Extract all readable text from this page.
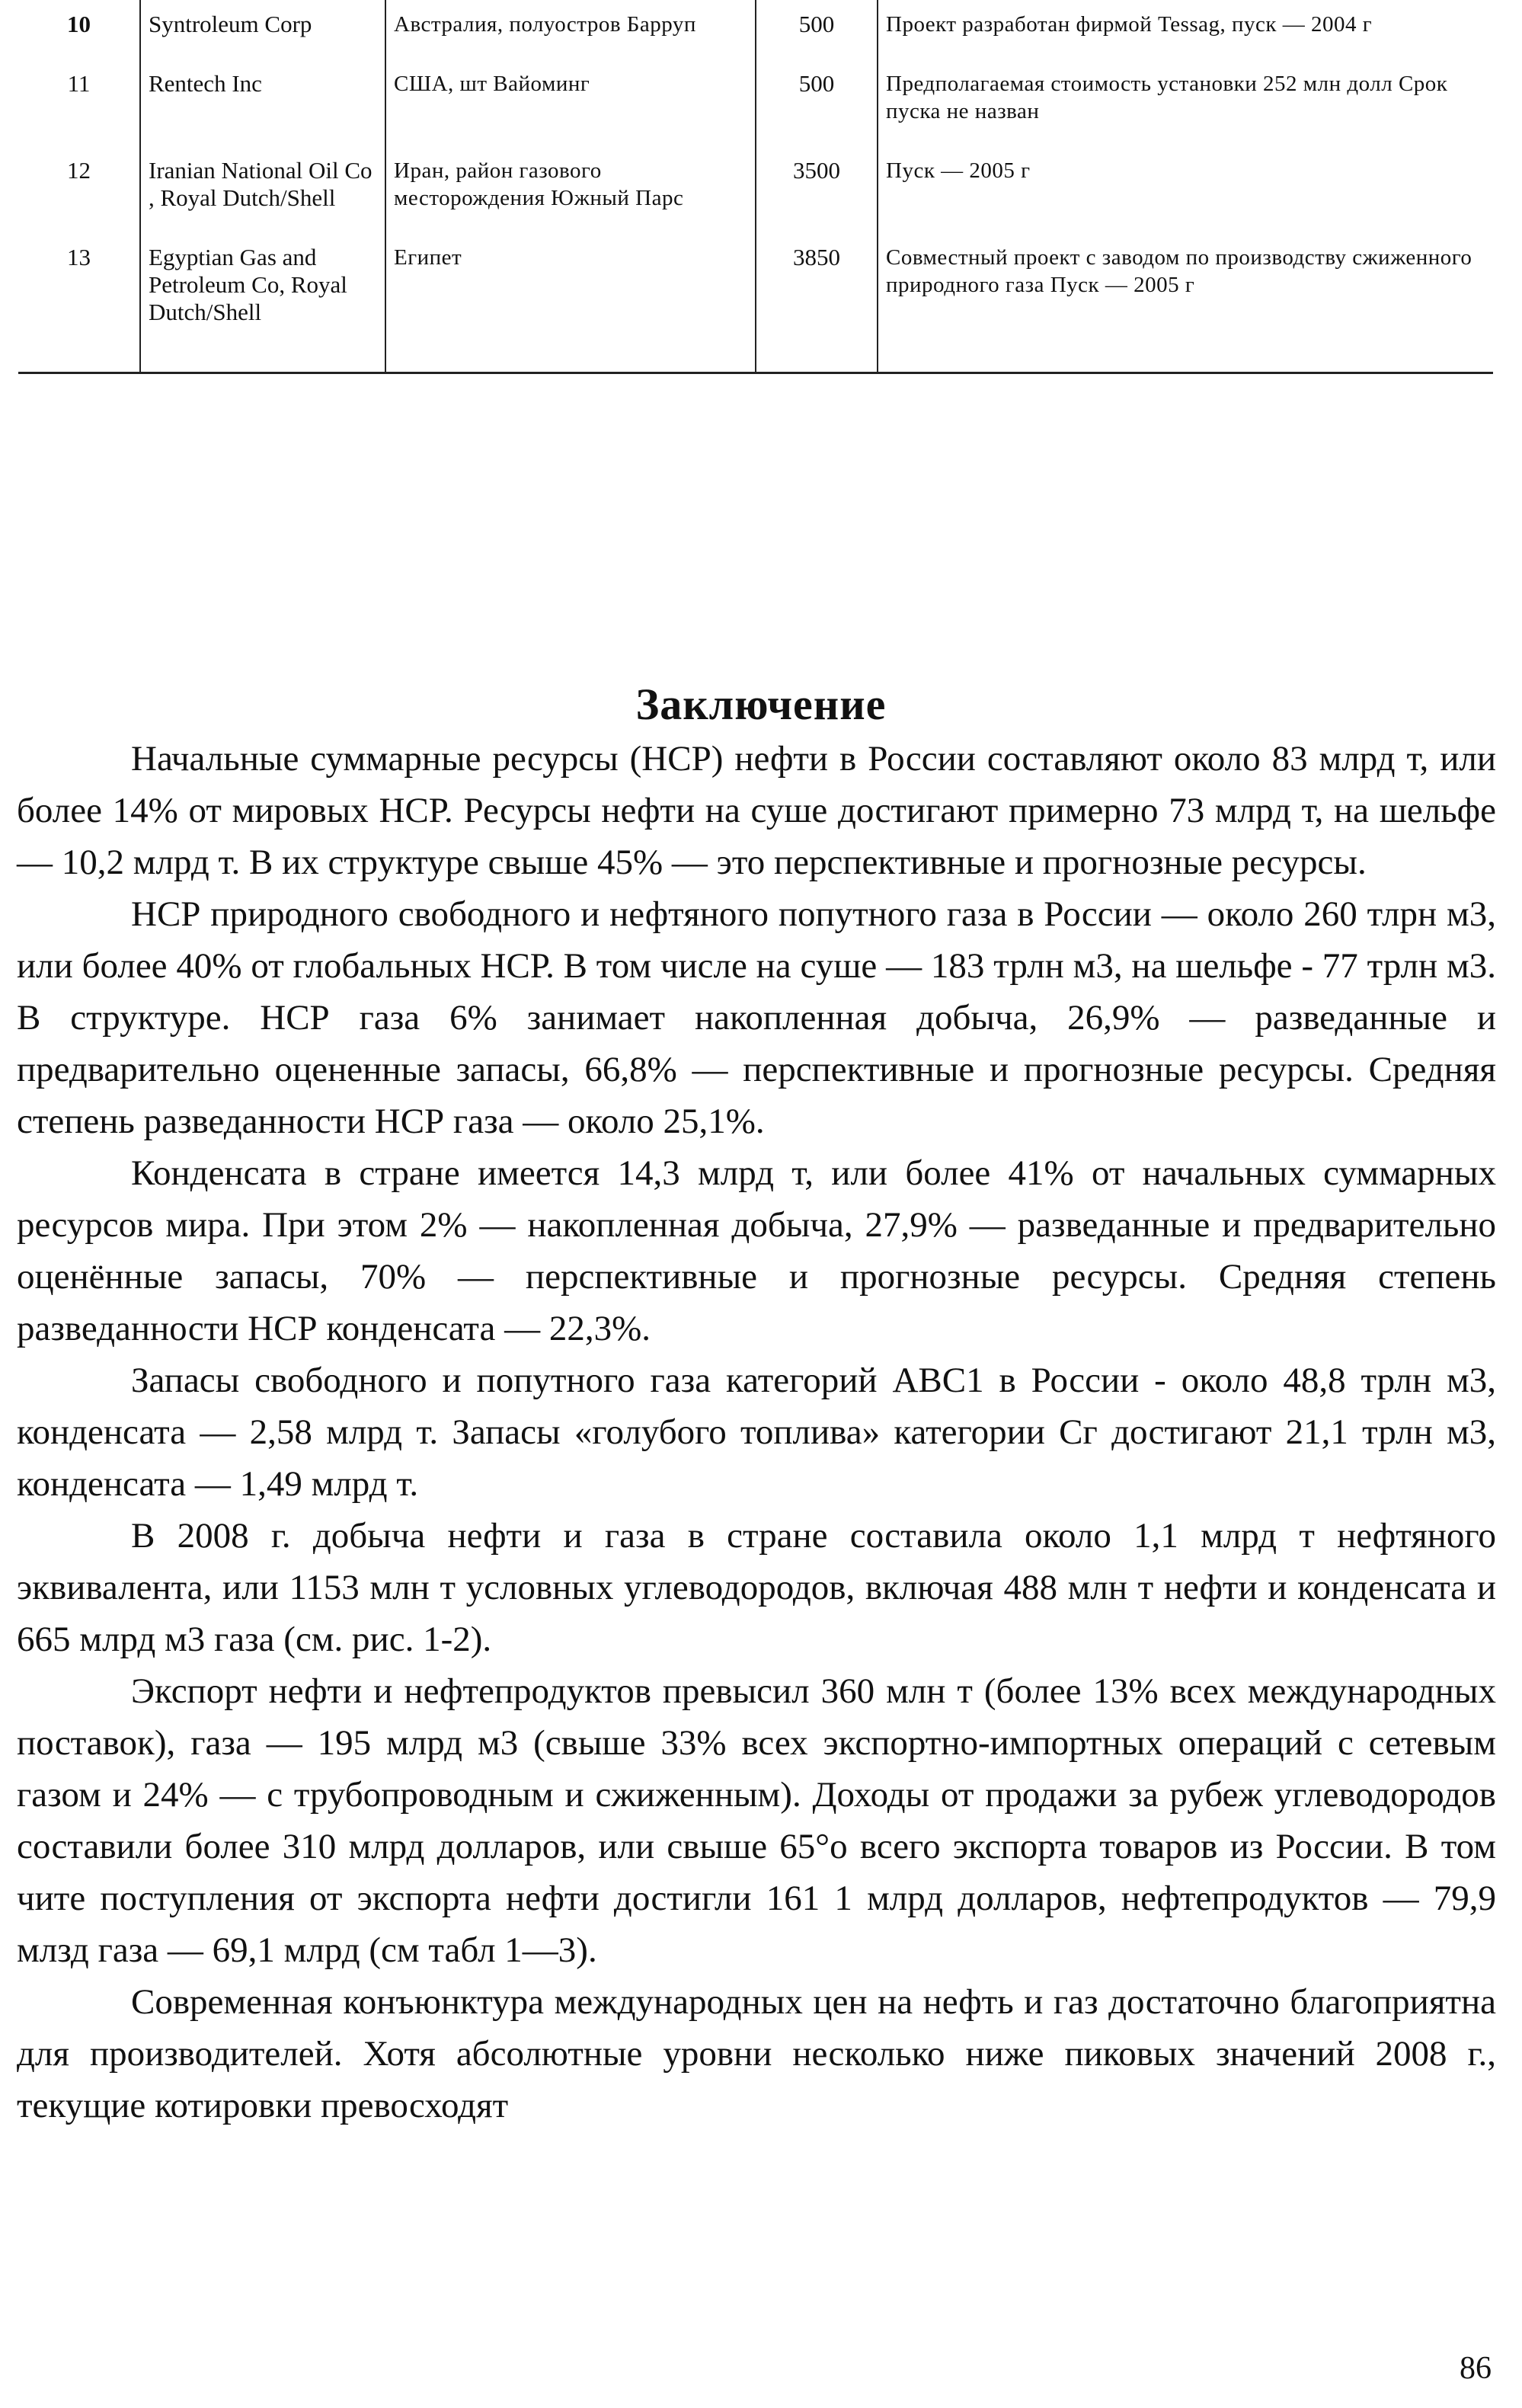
10	Syntroleum Corp	Австралия, полуостров Барруп	500	Проект разработан фирмой Tessag, пуск — 2004 г
11	Rentech Inc	США, шт Вайоминг	500	Предполагаемая стоимость установки 252 млн долл Срок пуска не назван
12	Iranian National Oil Co , Royal Dutch/Shell	Иран, район газового месторождения Южный Парс	3500	Пуск — 2005 г
13	Egyptian Gas and Petroleum Co, Royal Dutch/Shell	Египет	3850	Совместный проект с заводом по производству сжиженного природного газа Пуск — 2005 г
Заключение

Начальные суммарные ресурсы (НСР) нефти в России составляют около 83 млрд т, или более 14% от мировых НСР. Ресурсы нефти на суше достигают примерно 73 млрд т, на шельфе — 10,2 млрд т. В их структуре свыше 45% — это перспективные и прогнозные ресурсы.

НСР природного свободного и нефтяного попутного газа в России — около 260 тлрн м3, или более 40% от глобальных НСР. В том числе на суше — 183 трлн м3, на шельфе - 77 трлн м3. В структуре. НСР газа 6% занимает накопленная добыча, 26,9% — разведанные и предварительно оцененные запасы, 66,8% — перспективные и прогнозные ресурсы. Средняя степень разведанности НСР газа — около 25,1%.

Конденсата в стране имеется 14,3 млрд т, или более 41% от начальных суммарных ресурсов мира. При этом 2% — накопленная добыча, 27,9% — разведанные и предварительно оценённые запасы, 70% — перспективные и прогнозные ресурсы. Средняя степень разведанности НСР конденсата — 22,3%.

Запасы свободного и попутного газа категорий АВС1 в России - около 48,8 трлн м3, конденсата — 2,58 млрд т. Запасы «голубого топлива» категории Сг достигают 21,1 трлн м3, конденсата — 1,49 млрд т.

В 2008 г. добыча нефти и газа в стране составила около 1,1 млрд т нефтяного эквивалента, или 1153 млн т условных углеводородов, включая 488 млн т нефти и конденсата и 665 млрд м3 газа (см. рис. 1-2).

Экспорт нефти и нефтепродуктов превысил 360 млн т (более 13% всех международных поставок), газа — 195 млрд м3 (свыше 33% всех экспортно-импортных операций с сетевым газом и 24% — с трубопроводным и сжиженным). Доходы от продажи за рубеж углеводородов составили более 310 млрд долларов, или свыше 65°о всего экспорта товаров из России. В том чите поступления от экспорта нефти достигли 161 1 млрд долларов, нефтепродуктов — 79,9 млзд газа — 69,1 млрд (см табл 1—3).

Современная конъюнктура международных цен на нефть и газ достаточно благоприятна для производителей. Хотя абсолютные уровни несколько ниже пиковых значений 2008 г., текущие котировки превосходят

86
